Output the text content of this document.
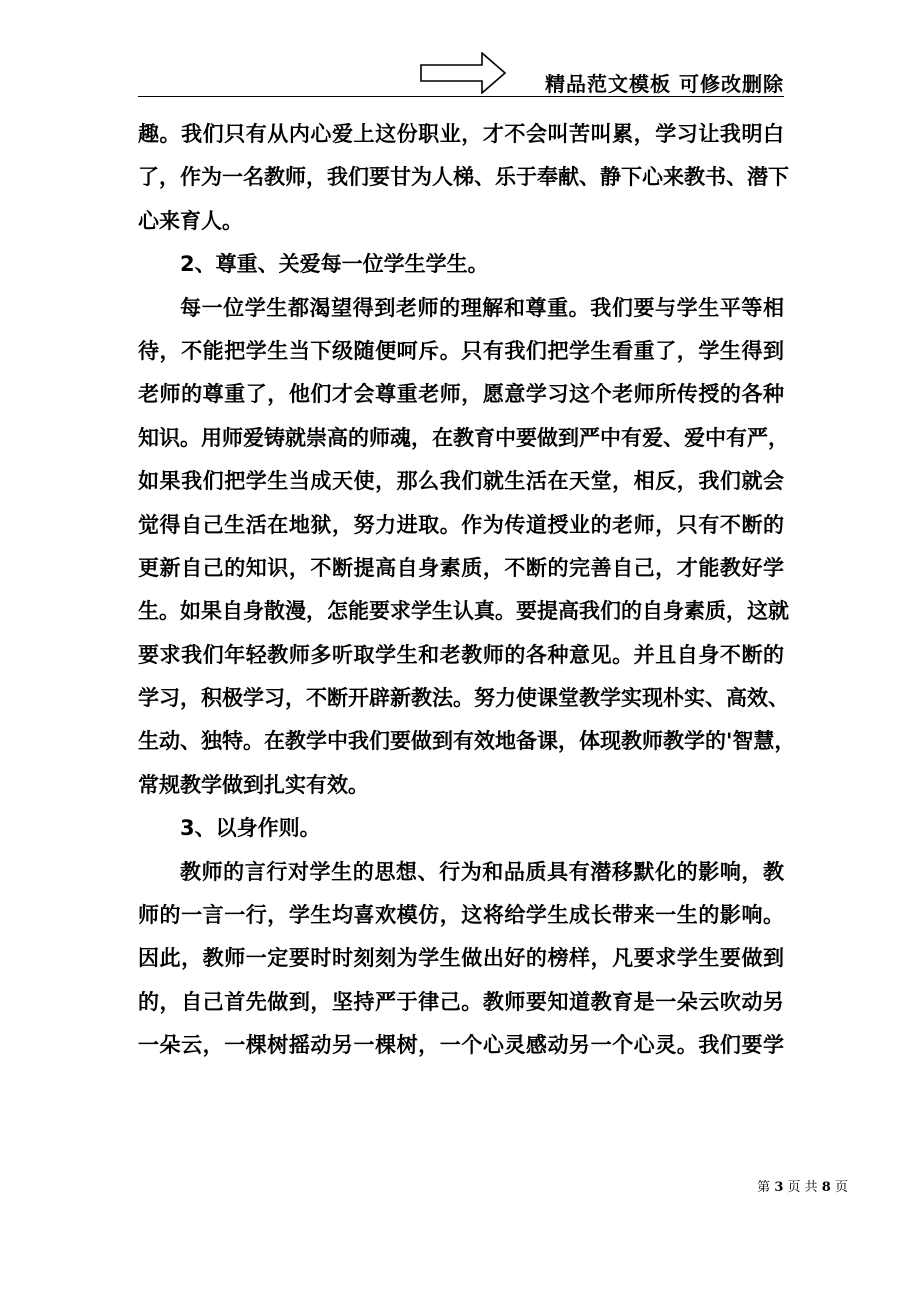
精品范文模板 可修改删除
趣。我们只有从内心爱上这份职业，才不会叫苦叫累，学习让我明白
了，作为一名教师，我们要甘为人梯、乐于奉献、静下心来教书、潜下
心来育人。
2、尊重、关爱每一位学生学生。
每一位学生都渴望得到老师的理解和尊重。我们要与学生平等相
待，不能把学生当下级随便呵斥。只有我们把学生看重了，学生得到
老师的尊重了，他们才会尊重老师，愿意学习这个老师所传授的各种
知识。用师爱铸就崇高的师魂，在教育中要做到严中有爱、爱中有严，
如果我们把学生当成天使，那么我们就生活在天堂，相反，我们就会
觉得自己生活在地狱，努力进取。作为传道授业的老师，只有不断的
更新自己的知识，不断提高自身素质，不断的完善自己，才能教好学
生。如果自身散漫，怎能要求学生认真。要提高我们的自身素质，这就
要求我们年轻教师多听取学生和老教师的各种意见。并且自身不断的
学习，积极学习，不断开辟新教法。努力使课堂教学实现朴实、高效、
生动、独特。在教学中我们要做到有效地备课，体现教师教学的'智慧，
常规教学做到扎实有效。
3、以身作则。
教师的言行对学生的思想、行为和品质具有潜移默化的影响，教
师的一言一行，学生均喜欢模仿，这将给学生成长带来一生的影响。
因此，教师一定要时时刻刻为学生做出好的榜样，凡要求学生要做到
的，自己首先做到，坚持严于律己。教师要知道教育是一朵云吹动另
一朵云，一棵树摇动另一棵树，一个心灵感动另一个心灵。我们要学
第 3 页 共 8 页
